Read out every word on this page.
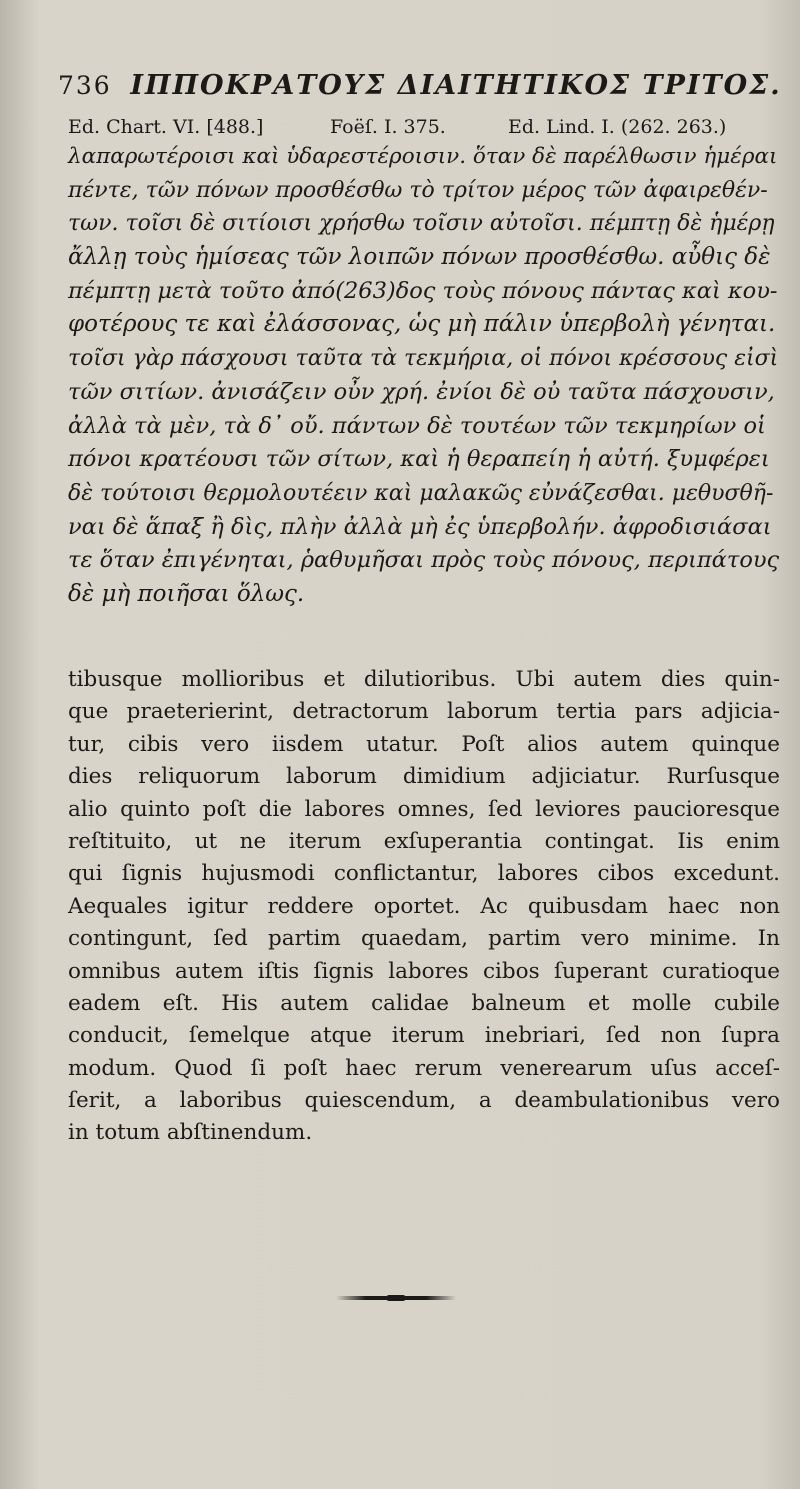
736 ΙΠΠΟΚΡΑΤΟΥΣ ΔΙΑΙΤΗΤΙΚΟΣ ΤΡΙΤΟΣ.
Ed. Chart. VI. [488.]	Foëſ. I. 375.	Ed. Lind. I. (262. 263.)
λαπαρωτέροισι καὶ ὑδαρεστέροισιν. ὅταν δὲ παρέλθωσιν ἡμέραι
πέντε, τῶν πόνων προσθέσθω τὸ τρίτον μέρος τῶν ἀφαιρεθέν-
των. τοῖσι δὲ σιτίοισι χρήσθω τοῖσιν αὐτοῖσι. πέμπτῃ δὲ ἡμέρῃ
ἄλλῃ τοὺς ἡμίσεας τῶν λοιπῶν πόνων προσθέσθω. αὖθις δὲ
πέμπτῃ μετὰ τοῦτο ἀπό(263)δος τοὺς πόνους πάντας καὶ κου-
φοτέρους τε καὶ ἐλάσσονας, ὡς μὴ πάλιν ὑπερβολὴ γένηται.
τοῖσι γὰρ πάσχουσι ταῦτα τὰ τεκμήρια, οἱ πόνοι κρέσσους εἰσὶ
τῶν σιτίων. ἀνισάζειν οὖν χρή. ἐνίοι δὲ οὐ ταῦτα πάσχουσιν,
ἀλλὰ τὰ μὲν, τὰ δ᾽ οὔ. πάντων δὲ τουτέων τῶν τεκμηρίων οἱ
πόνοι κρατέουσι τῶν σίτων, καὶ ἡ θεραπείη ἡ αὐτή. ξυμφέρει
δὲ τούτοισι θερμολουτέειν καὶ μαλακῶς εὐνάζεσθαι. μεθυσθῆ-
ναι δὲ ἅπαξ ἢ δὶς, πλὴν ἀλλὰ μὴ ἐς ὑπερβολήν. ἀφροδισιάσαι
τε ὅταν ἐπιγένηται, ῥαθυμῆσαι πρὸς τοὺς πόνους, περιπάτους
δὲ μὴ ποιῆσαι ὅλως.
tibusque mollioribus et dilutioribus. Ubi autem dies quin-
que praeterierint, detractorum laborum tertia pars adjicia-
tur, cibis vero iisdem utatur. Poſt alios autem quinque
dies reliquorum laborum dimidium adjiciatur. Rurſusque
alio quinto poſt die labores omnes, ſed leviores paucioresque
reſtituito, ut ne iterum exſuperantia contingat. Iis enim
qui ſignis hujusmodi conflictantur, labores cibos excedunt.
Aequales igitur reddere oportet. Ac quibusdam haec non
contingunt, ſed partim quaedam, partim vero minime. In
omnibus autem iſtis ſignis labores cibos ſuperant curatioque
eadem eſt. His autem calidae balneum et molle cubile
conducit, ſemelque atque iterum inebriari, ſed non ſupra
modum. Quod ſi poſt haec rerum venerearum uſus acceſ-
ſerit, a laboribus quiescendum, a deambulationibus vero
in totum abſtinendum.
